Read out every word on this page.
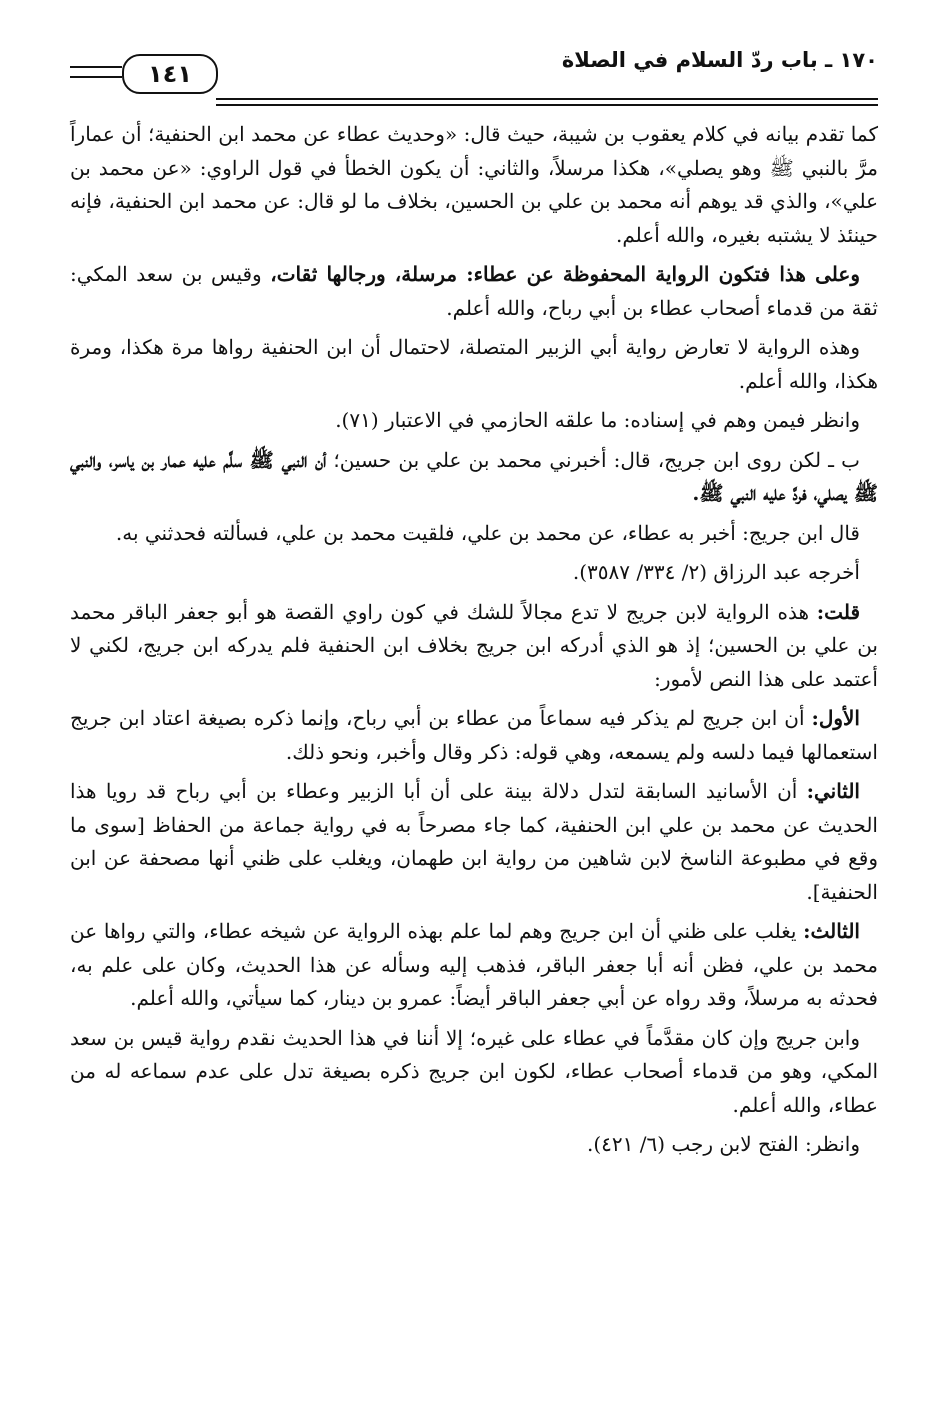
١٤١	١٧٠ ـ باب ردّ السلام في الصلاة

كما تقدم بيانه في كلام يعقوب بن شيبة، حيث قال: «وحديث عطاء عن محمد ابن الحنفية؛ أن عماراً مرَّ بالنبي ﷺ وهو يصلي»، هكذا مرسلاً، والثاني: أن يكون الخطأ في قول الراوي: «عن محمد بن علي»، والذي قد يوهم أنه محمد بن علي بن الحسين، بخلاف ما لو قال: عن محمد ابن الحنفية، فإنه حينئذ لا يشتبه بغيره، والله أعلم.

وعلى هذا فتكون الرواية المحفوظة عن عطاء: مرسلة، ورجالها ثقات، وقيس بن سعد المكي: ثقة من قدماء أصحاب عطاء بن أبي رباح، والله أعلم.

وهذه الرواية لا تعارض رواية أبي الزبير المتصلة، لاحتمال أن ابن الحنفية رواها مرة هكذا، ومرة هكذا، والله أعلم.

وانظر فيمن وهم في إسناده: ما علقه الحازمي في الاعتبار (٧١).

ب ـ لكن روى ابن جريج، قال: أخبرني محمد بن علي بن حسين؛ أن النبي ﷺ سلَّم عليه عمار بن ياسر، والنبي ﷺ يصلي، فردَّ عليه النبي ﷺ.

قال ابن جريج: أخبر به عطاء، عن محمد بن علي، فلقيت محمد بن علي، فسألته فحدثني به.

أخرجه عبد الرزاق (٢/ ٣٣٤/ ٣٥٨٧).

قلت: هذه الرواية لابن جريج لا تدع مجالاً للشك في كون راوي القصة هو أبو جعفر الباقر محمد بن علي بن الحسين؛ إذ هو الذي أدركه ابن جريج بخلاف ابن الحنفية فلم يدركه ابن جريج، لكني لا أعتمد على هذا النص لأمور:

الأول: أن ابن جريج لم يذكر فيه سماعاً من عطاء بن أبي رباح، وإنما ذكره بصيغة اعتاد ابن جريج استعمالها فيما دلسه ولم يسمعه، وهي قوله: ذكر وقال وأخبر، ونحو ذلك.

الثاني: أن الأسانيد السابقة لتدل دلالة بينة على أن أبا الزبير وعطاء بن أبي رباح قد رويا هذا الحديث عن محمد بن علي ابن الحنفية، كما جاء مصرحاً به في رواية جماعة من الحفاظ [سوى ما وقع في مطبوعة الناسخ لابن شاهين من رواية ابن طهمان، ويغلب على ظني أنها مصحفة عن ابن الحنفية].

الثالث: يغلب على ظني أن ابن جريج وهم لما علم بهذه الرواية عن شيخه عطاء، والتي رواها عن محمد بن علي، فظن أنه أبا جعفر الباقر، فذهب إليه وسأله عن هذا الحديث، وكان على علم به، فحدثه به مرسلاً، وقد رواه عن أبي جعفر الباقر أيضاً: عمرو بن دينار، كما سيأتي، والله أعلم.

وابن جريج وإن كان مقدَّماً في عطاء على غيره؛ إلا أننا في هذا الحديث نقدم رواية قيس بن سعد المكي، وهو من قدماء أصحاب عطاء، لكون ابن جريج ذكره بصيغة تدل على عدم سماعه له من عطاء، والله أعلم.

وانظر: الفتح لابن رجب (٦/ ٤٢١).
